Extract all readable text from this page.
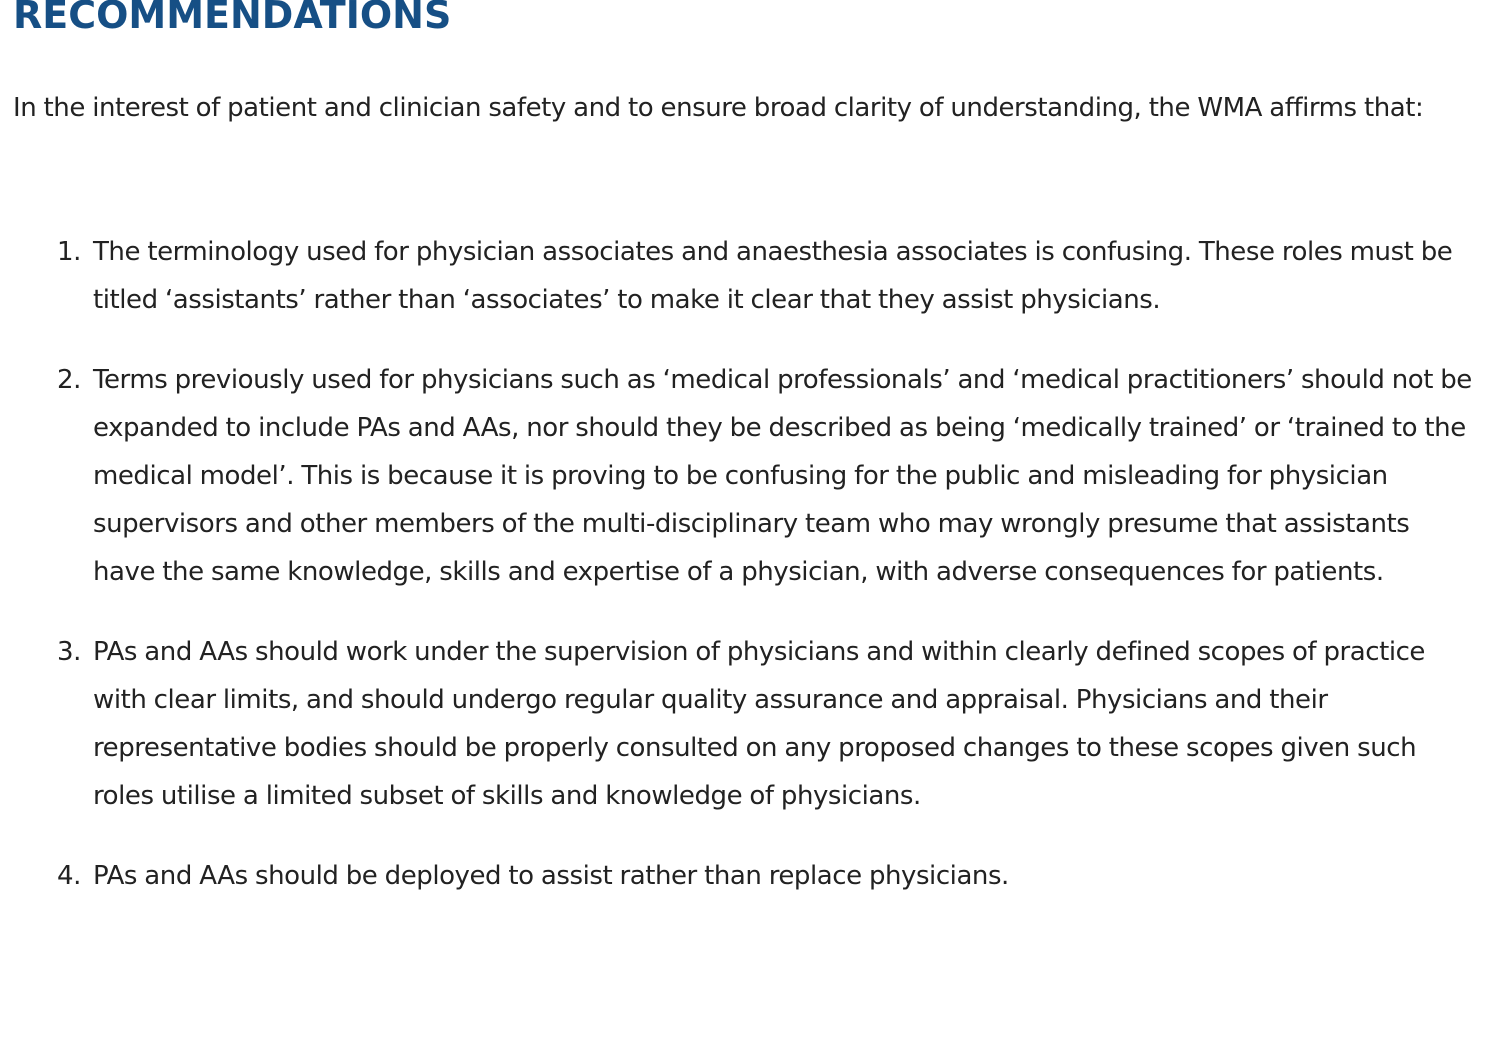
RECOMMENDATIONS

In the interest of patient and clinician safety and to ensure broad clarity of understanding, the WMA affirms that:

1. The terminology used for physician associates and anaesthesia associates is confusing. These roles must be titled ‘assistants’ rather than ‘associates’ to make it clear that they assist physicians.
2. Terms previously used for physicians such as ‘medical professionals’ and ‘medical practitioners’ should not be expanded to include PAs and AAs, nor should they be described as being ‘medically trained’ or ‘trained to the medical model’. This is because it is proving to be confusing for the public and misleading for physician supervisors and other members of the multi-disciplinary team who may wrongly presume that assistants have the same knowledge, skills and expertise of a physician, with adverse consequences for patients.
3. PAs and AAs should work under the supervision of physicians and within clearly defined scopes of practice with clear limits, and should undergo regular quality assurance and appraisal. Physicians and their representative bodies should be properly consulted on any proposed changes to these scopes given such roles utilise a limited subset of skills and knowledge of physicians.
4. PAs and AAs should be deployed to assist rather than replace physicians.
